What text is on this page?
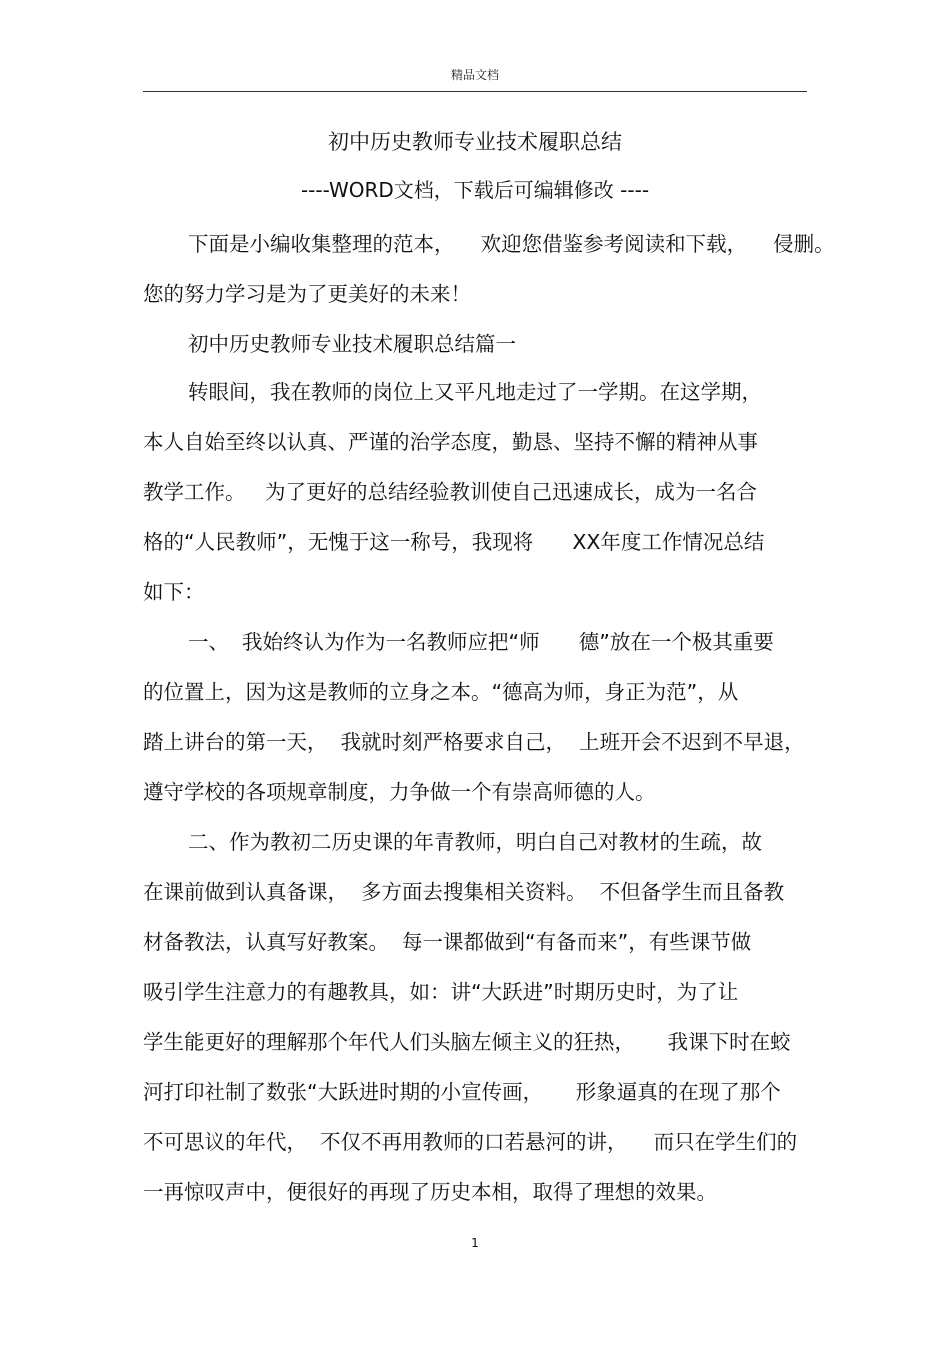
精品文档
初中历史教师专业技术履职总结
----WORD文档，下载后可编辑修改 ----
下面是小编收集整理的范本，    欢迎您借鉴参考阅读和下载，    侵删。
您的努力学习是为了更美好的未来！
初中历史教师专业技术履职总结篇一
转眼间，我在教师的岗位上又平凡地走过了一学期。在这学期，
本人自始至终以认真、严谨的治学态度，勤恳、坚持不懈的精神从事
教学工作。   为了更好的总结经验教训使自己迅速成长，成为一名合
格的“人民教师”，无愧于这一称号，我现将      XX年度工作情况总结
如下：
一、  我始终认为作为一名教师应把“师      德”放在一个极其重要
的位置上，因为这是教师的立身之本。“德高为师，身正为范”，从
踏上讲台的第一天，  我就时刻严格要求自己，  上班开会不迟到不早退，
遵守学校的各项规章制度，力争做一个有崇高师德的人。
二、作为教初二历史课的年青教师，明白自己对教材的生疏，故
在课前做到认真备课，  多方面去搜集相关资料。  不但备学生而且备教
材备教法，认真写好教案。  每一课都做到“有备而来”，有些课节做
吸引学生注意力的有趣教具，如：讲“大跃进”时期历史时，为了让
学生能更好的理解那个年代人们头脑左倾主义的狂热，     我课下时在蛟
河打印社制了数张“大跃进时期的小宣传画，     形象逼真的在现了那个
不可思议的年代，  不仅不再用教师的口若悬河的讲，    而只在学生们的
一再惊叹声中，便很好的再现了历史本相，取得了理想的效果。
1
